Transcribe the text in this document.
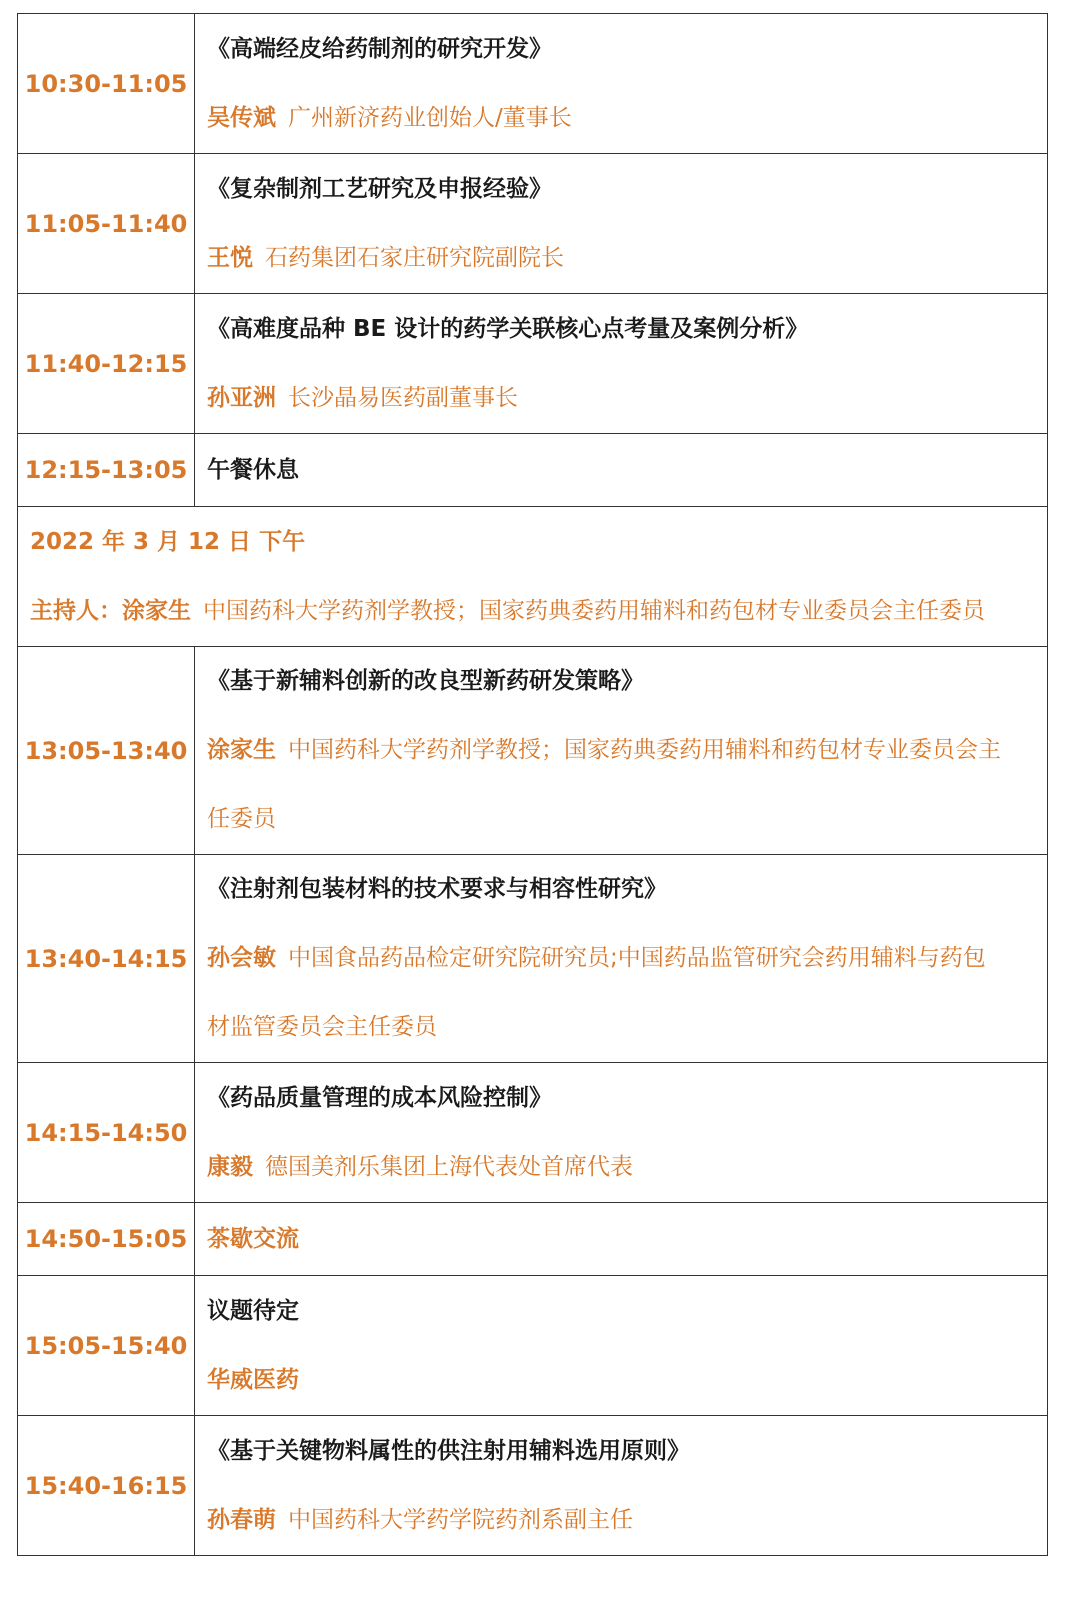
10:30-11:05	《高端经皮给药制剂的研究开发》
吴传斌 广州新济药业创始人/董事长

11:05-11:40	《复杂制剂工艺研究及申报经验》
王悦 石药集团石家庄研究院副院长

11:40-12:15	《高难度品种 BE 设计的药学关联核心点考量及案例分析》
孙亚洲 长沙晶易医药副董事长

12:15-13:05	午餐休息

2022 年 3 月 12 日 下午
主持人：涂家生 中国药科大学药剂学教授；国家药典委药用辅料和药包材专业委员会主任委员	

13:05-13:40	《基于新辅料创新的改良型新药研发策略》
涂家生 中国药科大学药剂学教授；国家药典委药用辅料和药包材专业委员会主
任委员

13:40-14:15	《注射剂包装材料的技术要求与相容性研究》
孙会敏 中国食品药品检定研究院研究员;中国药品监管研究会药用辅料与药包
材监管委员会主任委员

14:15-14:50	《药品质量管理的成本风险控制》
康毅 德国美剂乐集团上海代表处首席代表

14:50-15:05	茶歇交流

15:05-15:40	议题待定
华威医药

15:40-16:15	《基于关键物料属性的供注射用辅料选用原则》
孙春萌 中国药科大学药学院药剂系副主任
